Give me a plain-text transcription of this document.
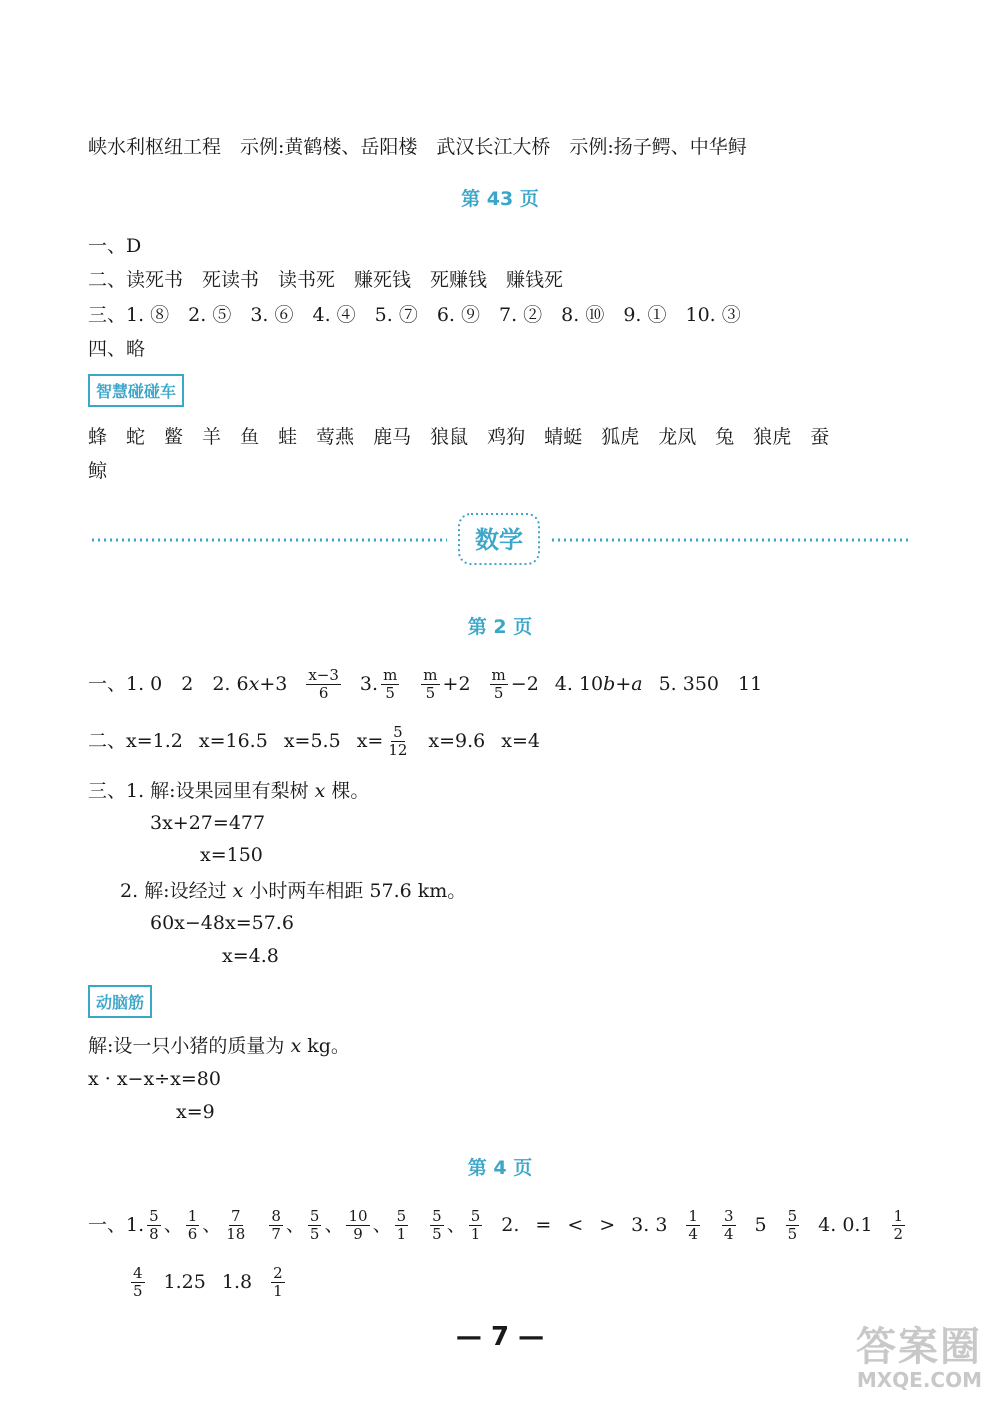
峡水利枢纽工程　示例:黄鹤楼、岳阳楼　武汉长江大桥　示例:扬子鳄、中华鲟
第 43 页
一、D
二、读死书　死读书　读书死　赚死钱　死赚钱　赚钱死
三、1. ⑧　2. ⑤　3. ⑥　4. ④　5. ⑦　6. ⑨　7. ②　8. ⑩　9. ①　10. ③
四、略
智慧碰碰车
蜂 蛇 鳖 羊 鱼 蛙 莺燕 鹿马 狼鼠 鸡狗 蜻蜓 狐虎 龙凤 兔 狼虎 蚕
鲸
数学
第 2 页
一、1. 0　2　2. 6 $x +3 \frac{x-3}{6} 3$. $\frac{m}{5} \frac{m}{5} +2 \frac{m}{5} -2$ 4. 10 b + a 5. 350　11
二、 x=1.2 x=16.5 x=5.5 $x= \frac{5}{12} x=9.6$ x=4
三、1. 解:设果园里有梨树 x 棵。
3x+27=477
x=150
2. 解:设经过 x 小时两车相距 57.6 km。
60x−48x=57.6
x=4.8
动脑筋
解:设一只小猪的质量为 x kg。
x · x−x÷x=80
x=9
第 4 页
一、1. $\frac{5}{8}$ 、 $\frac{1}{6}$ 、 $\frac{7}{18} \frac{8}{7}$ 、 $\frac{5}{5}$ 、 $\frac{10}{9}$ 、 $\frac{5}{1} \frac{5}{5}$ 、 $\frac{5}{1} 2$. = < > 3. $3 \frac{1}{4} \frac{3}{4} 5 \frac{5}{5} 4$. $0.1 \frac{1}{2}$
$\frac{4}{5} 1.25$ $1.8 \frac{2}{1}$
— 7 —	答案圈
MXQE.COM
